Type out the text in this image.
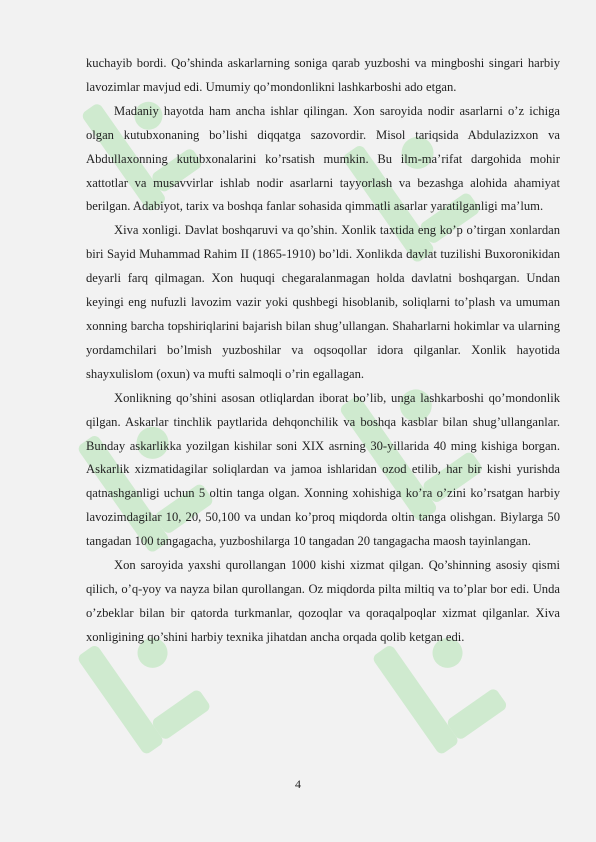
kuchayib bordi. Qo’shinda askarlarning soniga qarab yuzboshi va mingboshi singari harbiy lavozimlar mavjud edi. Umumiy qo’mondonlikni lashkarboshi ado etgan.

Madaniy hayotda ham ancha ishlar qilingan. Xon saroyida nodir asarlarni o’z ichiga olgan kutubxonaning bo’lishi diqqatga sazovordir. Misol tariqsida Abdulazizxon va Abdullaxonning kutubxonalarini ko’rsatish mumkin. Bu ilm-ma’rifat dargohida mohir xattotlar va musavvirlar ishlab nodir asarlarni tayyorlash va bezashga alohida ahamiyat berilgan. Adabiyot, tarix va boshqa fanlar sohasida qimmatli asarlar yaratilganligi ma’lum.

Xiva xonligi. Davlat boshqaruvi va qo’shin. Xonlik taxtida eng ko’p o’tirgan xonlardan biri Sayid Muhammad Rahim II (1865-1910) bo’ldi. Xonlikda davlat tuzilishi Buxoronikidan deyarli farq qilmagan. Xon huquqi chegaralanmagan holda davlatni boshqargan. Undan keyingi eng nufuzli lavozim vazir yoki qushbegi hisoblanib, soliqlarni to’plash va umuman xonning barcha topshiriqlarini bajarish bilan shug’ullangan. Shaharlarni hokimlar va ularning yordamchilari bo’lmish yuzboshilar va oqsoqollar idora qilganlar. Xonlik hayotida shayxulislom (oxun) va mufti salmoqli o’rin egallagan.

Xonlikning qo’shini asosan otliqlardan iborat bo’lib, unga lashkarboshi qo’mondonlik qilgan. Askarlar tinchlik paytlarida dehqonchilik va boshqa kasblar bilan shug’ullanganlar. Bunday askarlikka yozilgan kishilar soni XIX asrning 30-yillarida 40 ming kishiga borgan. Askarlik xizmatidagilar soliqlardan va jamoa ishlaridan ozod etilib, har bir kishi yurishda qatnashganligi uchun 5 oltin tanga olgan. Xonning xohishiga ko’ra o’zini ko’rsatgan harbiy lavozimdagilar 10, 20, 50,100 va undan ko’proq miqdorda oltin tanga olishgan. Biylarga 50 tangadan 100 tangagacha, yuzboshilarga 10 tangadan 20 tangagacha maosh tayinlangan.

Xon saroyida yaxshi qurollangan 1000 kishi xizmat qilgan. Qo’shinning asosiy qismi qilich, o’q-yoy va nayza bilan qurollangan. Oz miqdorda pilta miltiq va to’plar bor edi. Unda o’zbeklar bilan bir qatorda turkmanlar, qozoqlar va qoraqalpoqlar xizmat qilganlar. Xiva xonligining qo’shini harbiy texnika jihatdan ancha orqada qolib ketgan edi.

4
